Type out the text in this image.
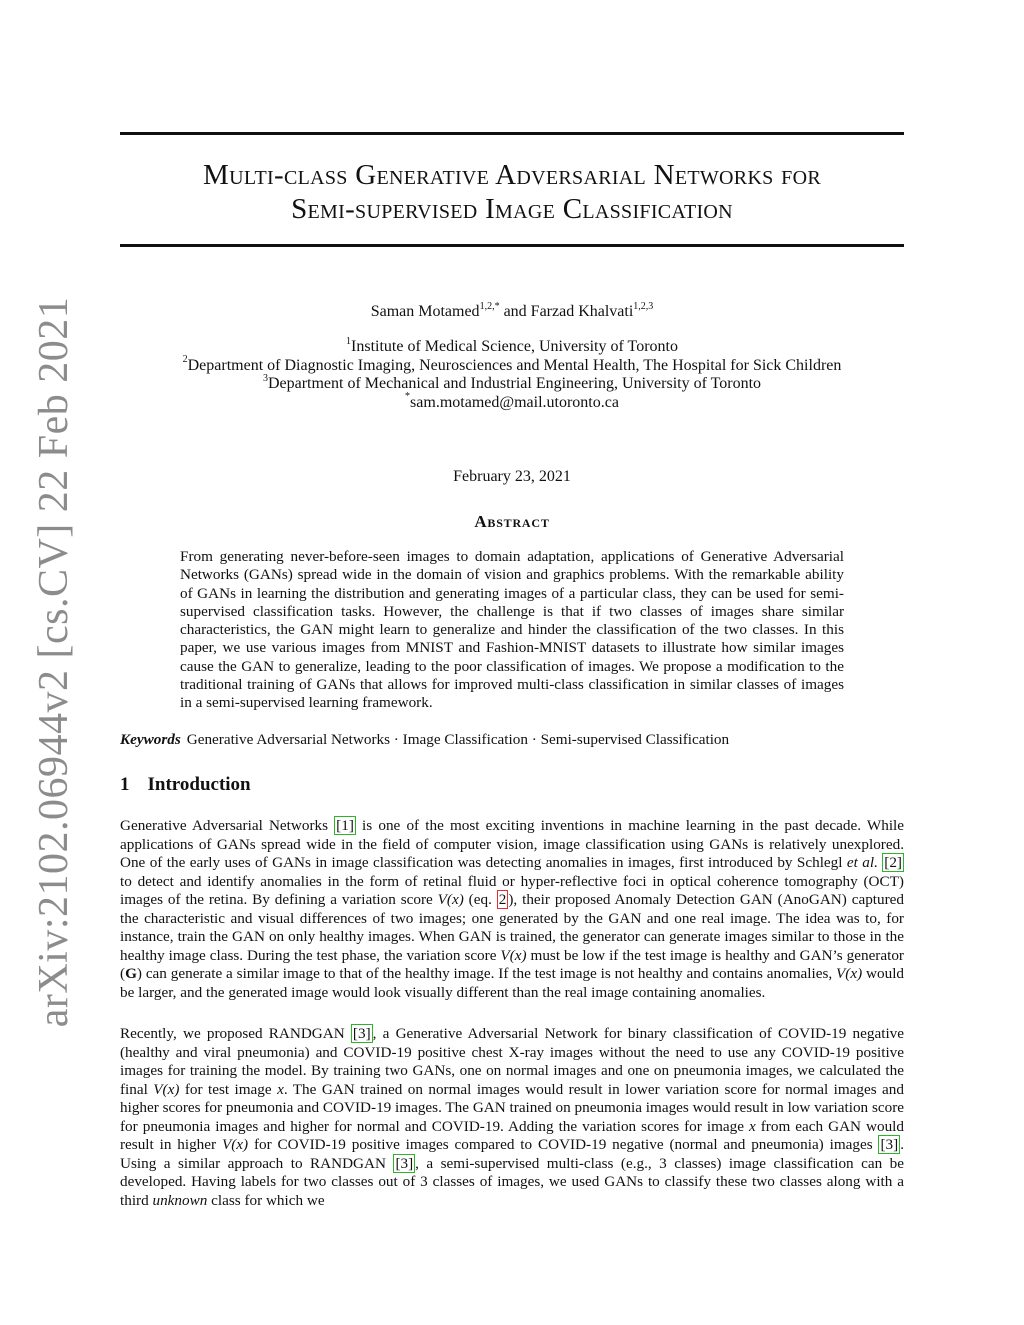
arXiv:2102.06944v2 [cs.CV] 22 Feb 2021
Multi-class Generative Adversarial Networks for
Semi-supervised Image Classification
Saman Motamed$^{1,2,*}$ and Farzad Khalvati$^{1,2,3}$
$^1$Institute of Medical Science, University of Toronto
$^2$Department of Diagnostic Imaging, Neurosciences and Mental Health, The Hospital for Sick Children
$^3$Department of Mechanical and Industrial Engineering, University of Toronto
*sam.motamed@mail.utoronto.ca
February 23, 2021
Abstract
From generating never-before-seen images to domain adaptation, applications of Generative Adversarial Networks (GANs) spread wide in the domain of vision and graphics problems. With the remarkable ability of GANs in learning the distribution and generating images of a particular class, they can be used for semi-supervised classification tasks. However, the challenge is that if two classes of images share similar characteristics, the GAN might learn to generalize and hinder the classification of the two classes. In this paper, we use various images from MNIST and Fashion-MNIST datasets to illustrate how similar images cause the GAN to generalize, leading to the poor classification of images. We propose a modification to the traditional training of GANs that allows for improved multi-class classification in similar classes of images in a semi-supervised learning framework.
Keywords Generative Adversarial Networks · Image Classification · Semi-supervised Classification
1 Introduction
Generative Adversarial Networks [1] is one of the most exciting inventions in machine learning in the past decade. While applications of GANs spread wide in the field of computer vision, image classification using GANs is relatively unexplored. One of the early uses of GANs in image classification was detecting anomalies in images, first introduced by Schlegl et al. [2] to detect and identify anomalies in the form of retinal fluid or hyper-reflective foci in optical coherence tomography (OCT) images of the retina. By defining a variation score V(x) (eq. 2 ), their proposed Anomaly Detection GAN (AnoGAN) captured the characteristic and visual differences of two images; one generated by the GAN and one real image. The idea was to, for instance, train the GAN on only healthy images. When GAN is trained, the generator can generate images similar to those in the healthy image class. During the test phase, the variation score V(x) must be low if the test image is healthy and GAN’s generator (G) can generate a similar image to that of the healthy image. If the test image is not healthy and contains anomalies, V(x) would be larger, and the generated image would look visually different than the real image containing anomalies.
Recently, we proposed RANDGAN [3] , a Generative Adversarial Network for binary classification of COVID-19 negative (healthy and viral pneumonia) and COVID-19 positive chest X-ray images without the need to use any COVID-19 positive images for training the model. By training two GANs, one on normal images and one on pneumonia images, we calculated the final V(x) for test image x. The GAN trained on normal images would result in lower variation score for normal images and higher scores for pneumonia and COVID-19 images. The GAN trained on pneumonia images would result in low variation score for pneumonia images and higher for normal and COVID-19. Adding the variation scores for image x from each GAN would result in higher V(x) for COVID-19 positive images compared to COVID-19 negative (normal and pneumonia) images [3] . Using a similar approach to RANDGAN [3] , a semi-supervised multi-class (e.g., 3 classes) image classification can be developed. Having labels for two classes out of 3 classes of images, we used GANs to classify these two classes along with a third unknown class for which we
